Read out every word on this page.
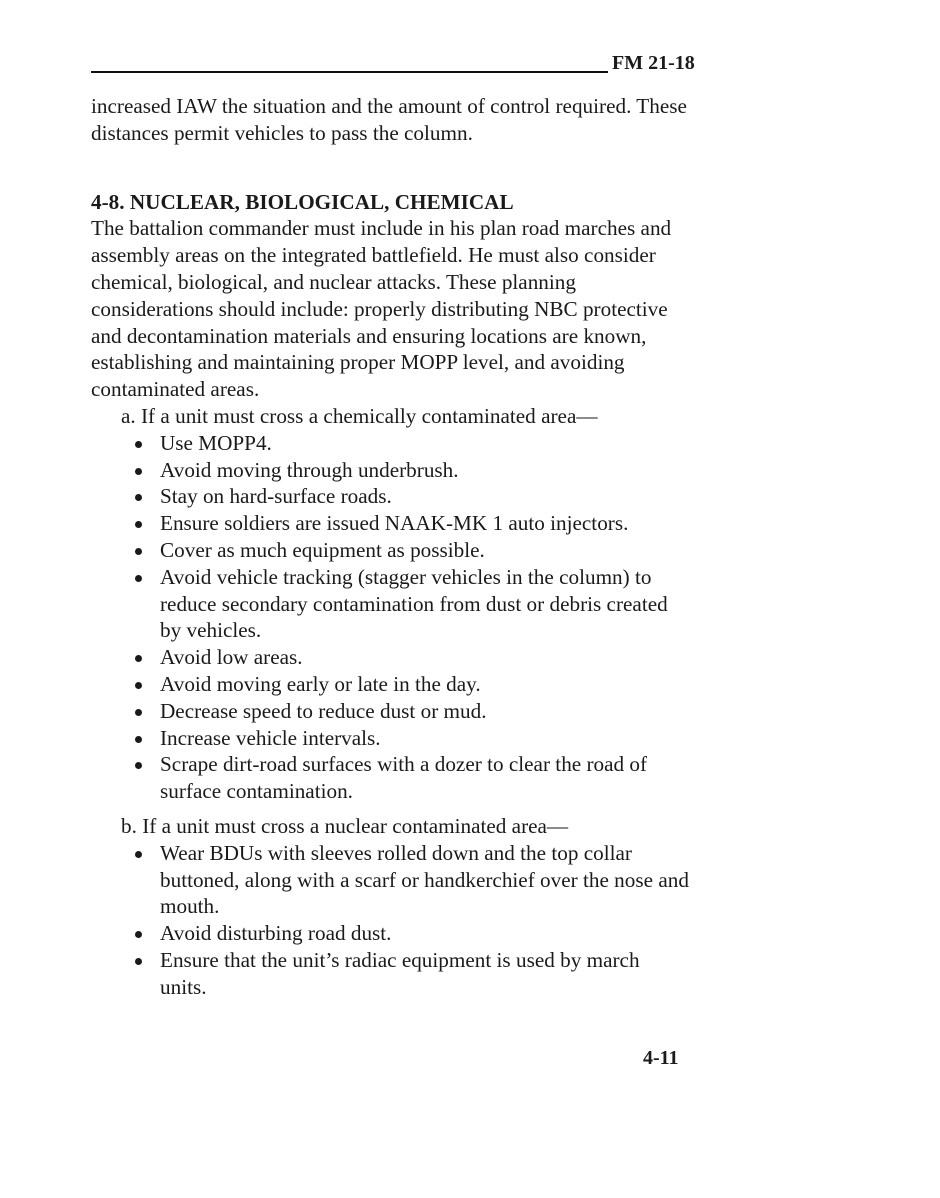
FM 21-18

increased IAW the situation and the amount of control required. These distances permit vehicles to pass the column.

4-8. NUCLEAR, BIOLOGICAL, CHEMICAL

The battalion commander must include in his plan road marches and assembly areas on the integrated battlefield. He must also consider chemical, biological, and nuclear attacks. These planning considerations should include: properly distributing NBC protective and decontamination materials and ensuring locations are known, establishing and maintaining proper MOPP level, and avoiding contaminated areas.

a. If a unit must cross a chemically contaminated area—

Use MOPP4.
Avoid moving through underbrush.
Stay on hard-surface roads.
Ensure soldiers are issued NAAK-MK 1 auto injectors.
Cover as much equipment as possible.
Avoid vehicle tracking (stagger vehicles in the column) to reduce secondary contamination from dust or debris created by vehicles.
Avoid low areas.
Avoid moving early or late in the day.
Decrease speed to reduce dust or mud.
Increase vehicle intervals.
Scrape dirt-road surfaces with a dozer to clear the road of surface contamination.

b. If a unit must cross a nuclear contaminated area—

Wear BDUs with sleeves rolled down and the top collar buttoned, along with a scarf or handkerchief over the nose and mouth.
Avoid disturbing road dust.
Ensure that the unit’s radiac equipment is used by march units.
4-11
